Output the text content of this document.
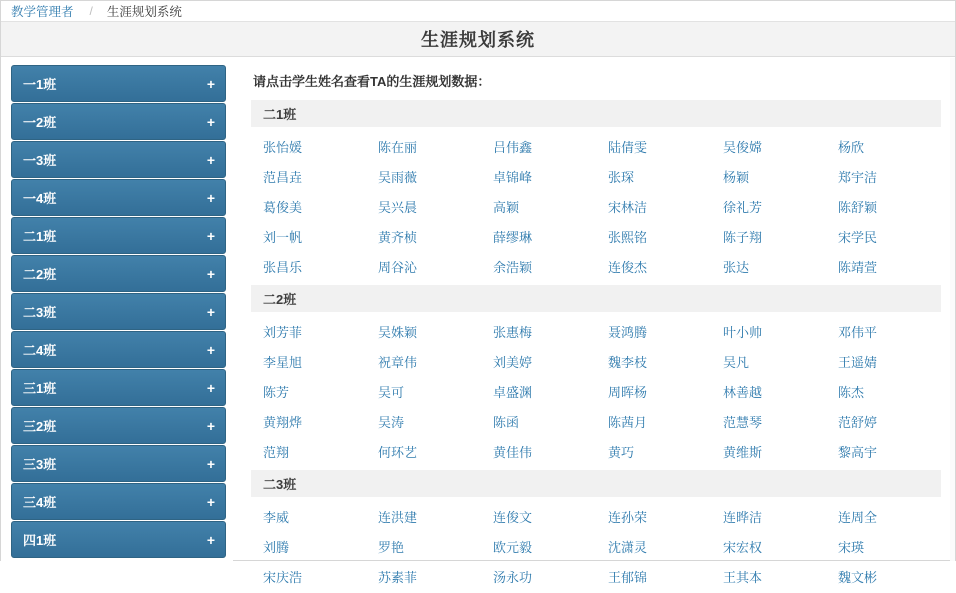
教学管理者 / 生涯规划系统
生涯规划系统
一1班	+
一2班	+
一3班	+
一4班	+
二1班	+
二2班	+
二3班	+
二4班	+
三1班	+
三2班	+
三3班	+
三4班	+
四1班	+
请点击学生姓名查看TA的生涯规划数据：
二1班
张怡媛	陈在丽	吕伟鑫	陆倩雯	吴俊嫦	杨欣
范昌垚	吴雨薇	卓锦峰	张琛	杨颖	郑宇洁
葛俊美	吴兴晨	高颖	宋林洁	徐礼芳	陈舒颖
刘一帆	黄齐桢	薛缪琳	张熙铭	陈子翔	宋学民
张昌乐	周谷沁	余浩颖	连俊杰	张达	陈靖萱
二2班
刘芳菲	吴姝颖	张惠梅	聂鸿腾	叶小帅	邓伟平
李星旭	祝章伟	刘美婷	魏李枝	吴凡	王遥婧
陈芳	吴可	卓盛渊	周晖杨	林善越	陈杰
黄翔烨	吴涛	陈函	陈茜月	范慧琴	范舒婷
范翔	何环艺	黄佳伟	黄巧	黄维斯	黎高宇
二3班
李威	连洪建	连俊文	连孙荣	连晔洁	连周全
刘腾	罗艳	欧元毅	沈潇灵	宋宏权	宋瑛
宋庆浩	苏素菲	汤永功	王郁锦	王其本	魏文彬
